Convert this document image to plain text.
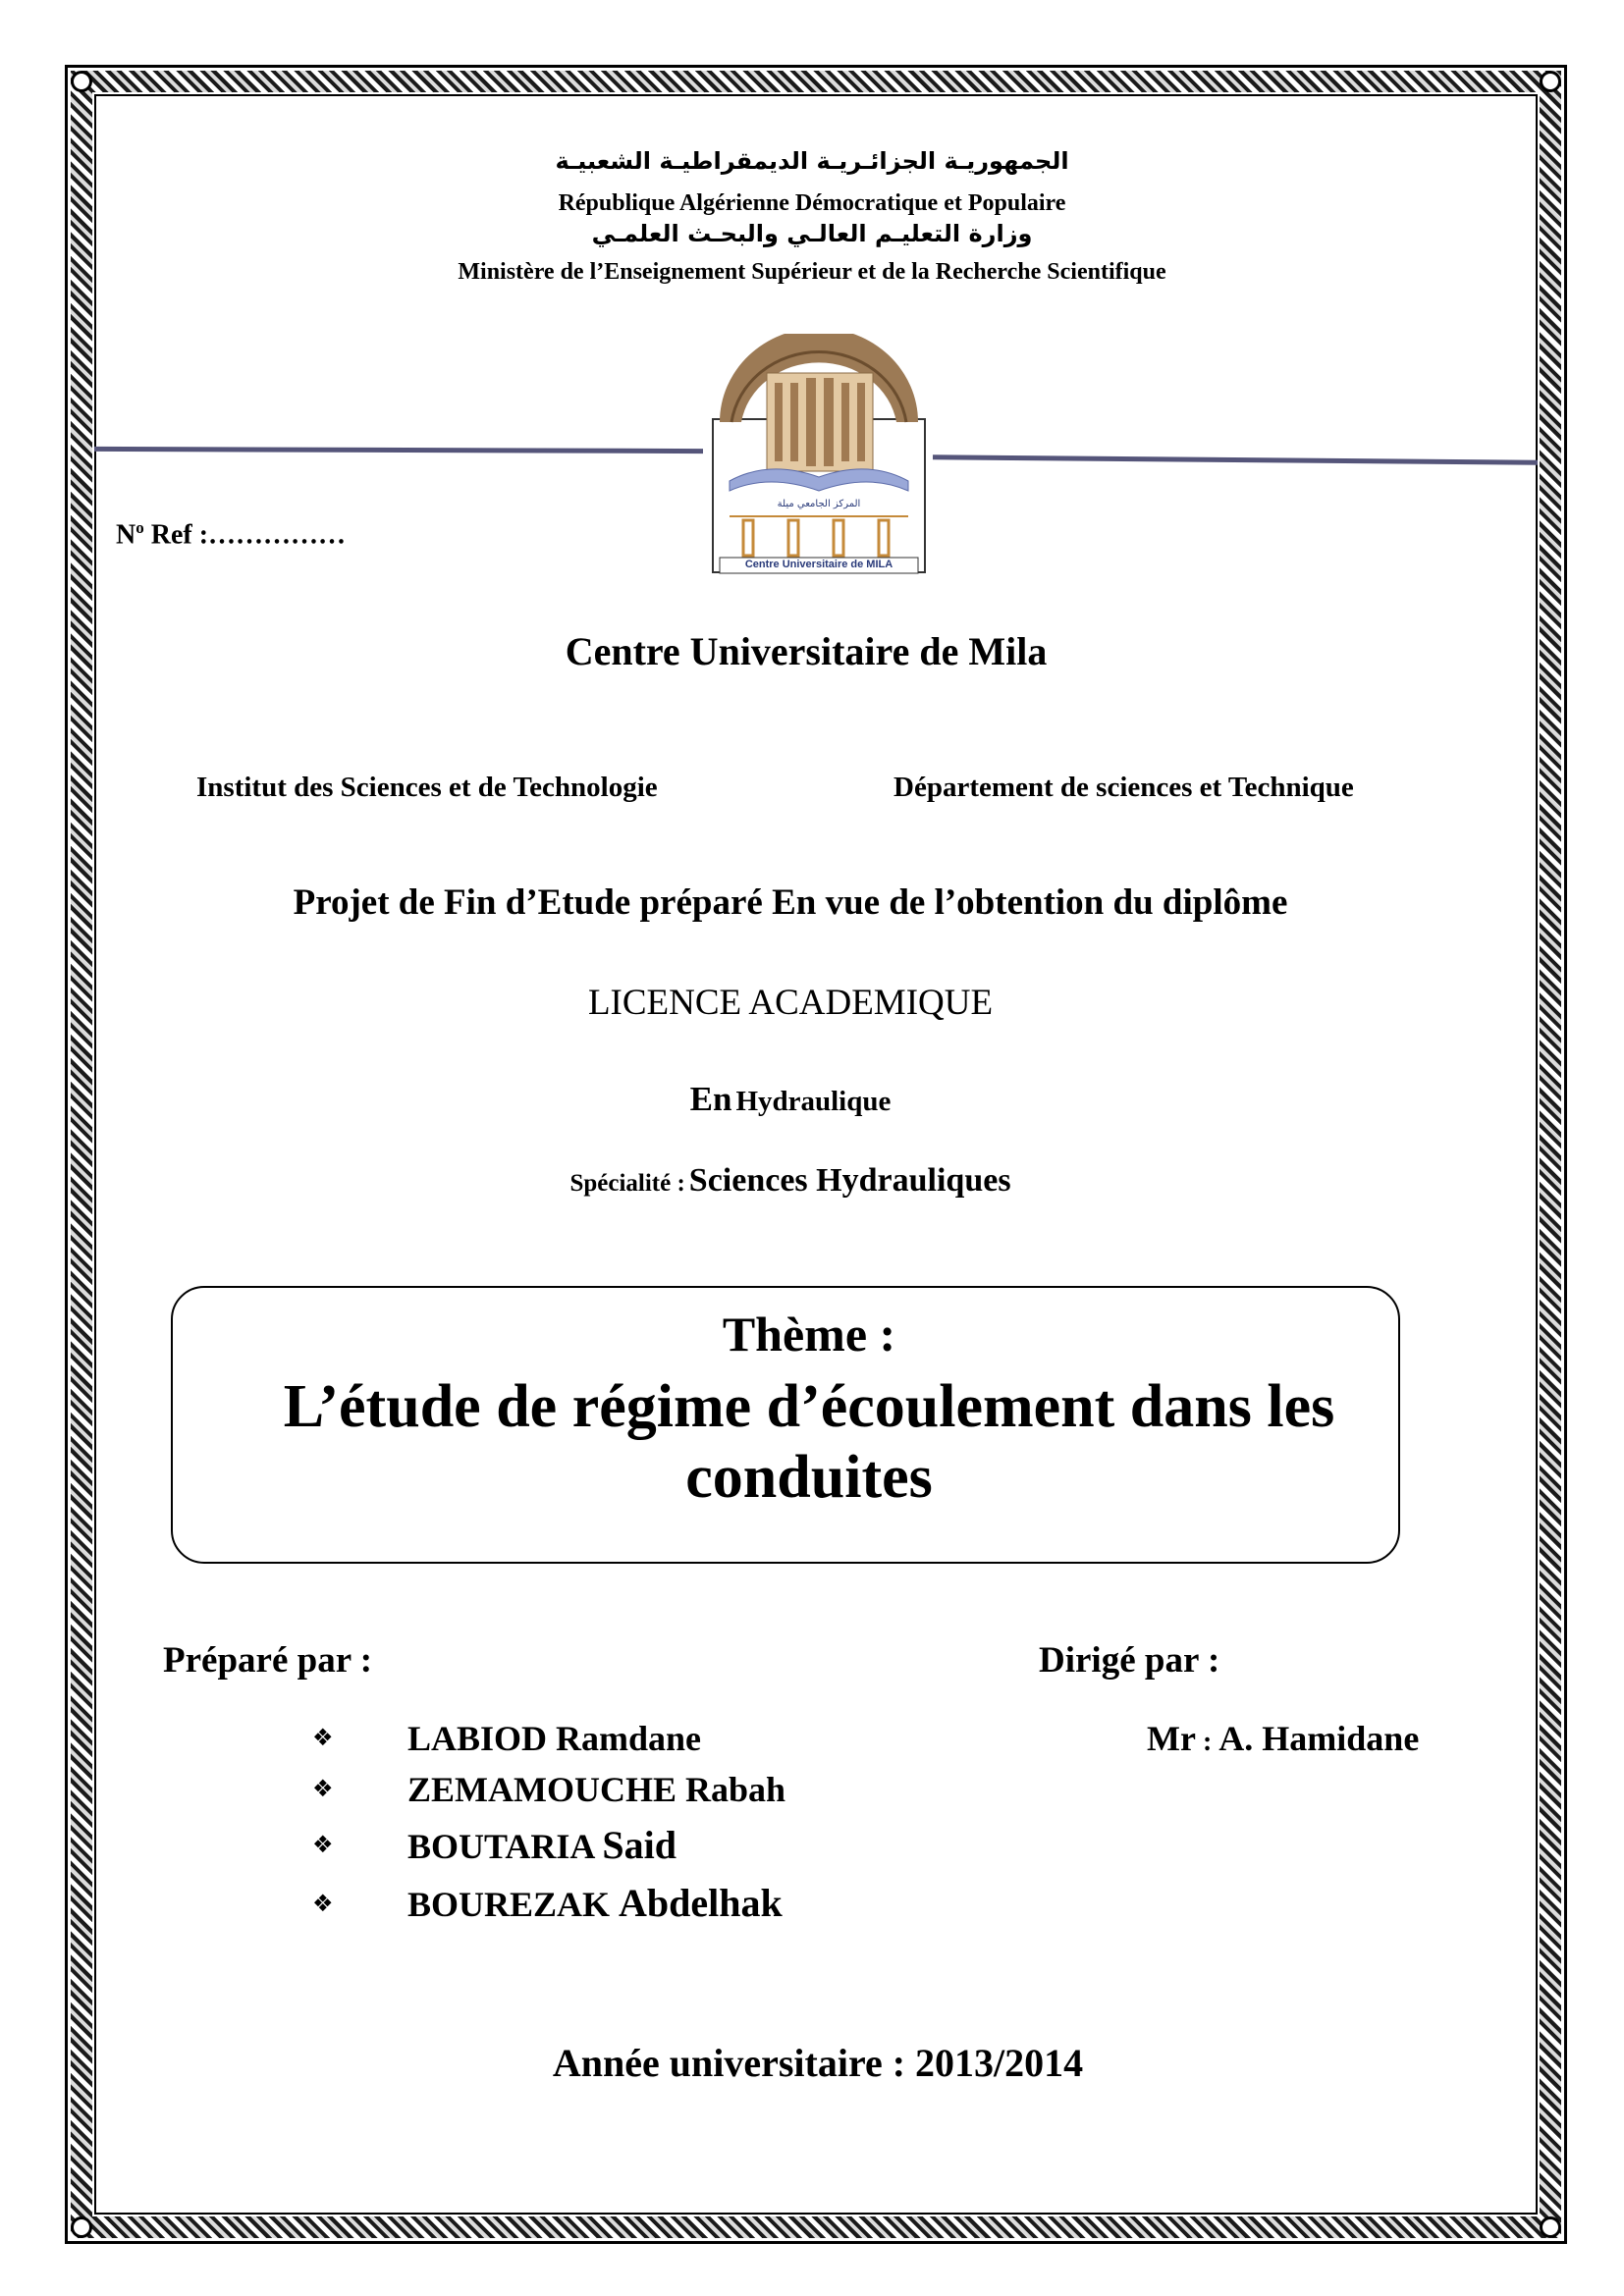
الجمهوريـة الجزائـريـة الديمقراطيـة الشعبيـة
République Algérienne Démocratique et Populaire
وزارة التعليـم العالـي والبحـث العلمـي
Ministère de l’Enseignement Supérieur et de la Recherche Scientifique
Centre Universitaire de MILA
المركز الجامعي ميلة
$N^o$ Ref :……………
Centre Universitaire de Mila
Institut des Sciences et de Technologie	Département de sciences et Technique
Projet de Fin d’Etude préparé En vue de l’obtention du diplôme
LICENCE ACADEMIQUE
En Hydraulique
Spécialité : Sciences Hydrauliques
Thème :
L’étude de régime d’écoulement dans les
conduites
Préparé par :	Dirigé par :
❖ LABIOD Ramdane
❖ ZEMAMOUCHE Rabah
❖ BOUTARIA Said
❖ BOUREZAK Abdelhak
Mr : A. Hamidane
Année universitaire : 2013/2014
